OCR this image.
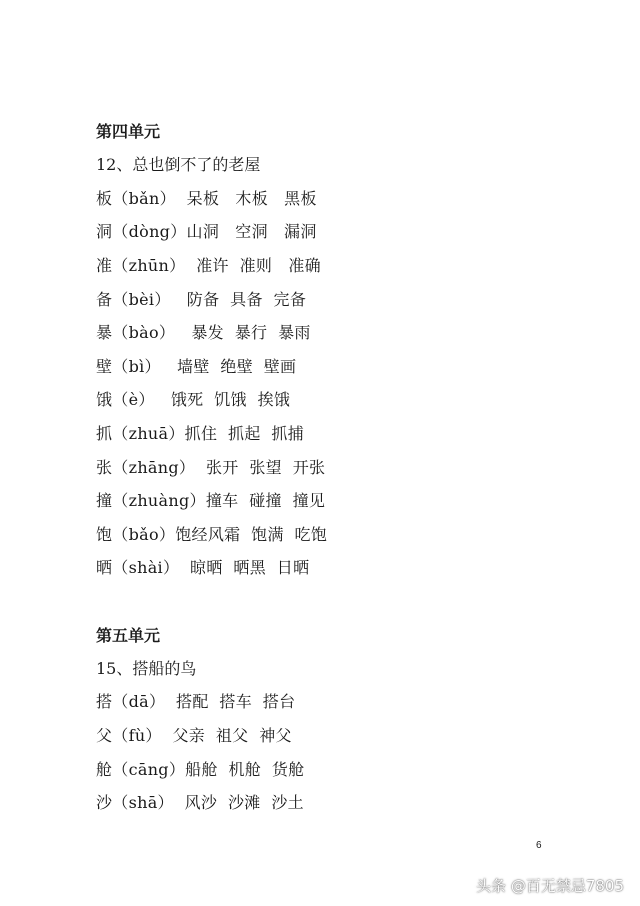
第四单元
12、总也倒不了的老屋
板（bǎn）  呆板   木板   黑板
洞（dòng）山洞   空洞   漏洞
准（zhūn）  准许  准则   准确
备（bèi）   防备  具备  完备
暴（bào）   暴发  暴行  暴雨
壁（bì）   墙壁  绝壁  壁画
饿（è）   饿死  饥饿  挨饿
抓（zhuā）抓住  抓起  抓捕
张（zhāng）  张开  张望  开张
撞（zhuàng）撞车  碰撞  撞见
饱（bǎo）饱经风霜  饱满  吃饱
晒（shài）  晾晒  晒黑  日晒
第五单元
15、搭船的鸟
搭（dā）  搭配  搭车  搭台
父（fù）  父亲  祖父  神父
舱（cāng）船舱  机舱  货舱
沙（shā）  风沙  沙滩  沙土
6
头条 @百无禁忌7805
